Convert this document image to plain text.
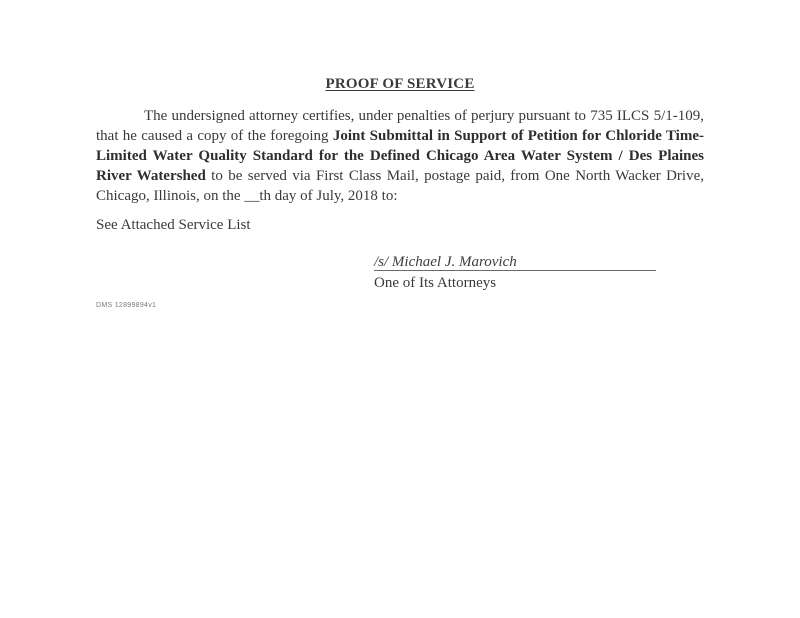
PROOF OF SERVICE

The undersigned attorney certifies, under penalties of perjury pursuant to 735 ILCS 5/1-109, that he caused a copy of the foregoing Joint Submittal in Support of Petition for Chloride Time-Limited Water Quality Standard for the Defined Chicago Area Water System / Des Plaines River Watershed to be served via First Class Mail, postage paid, from One North Wacker Drive, Chicago, Illinois, on the __th day of July, 2018 to:

See Attached Service List
/s/ Michael J. Marovich
One of Its Attorneys
DMS 12899894v1
